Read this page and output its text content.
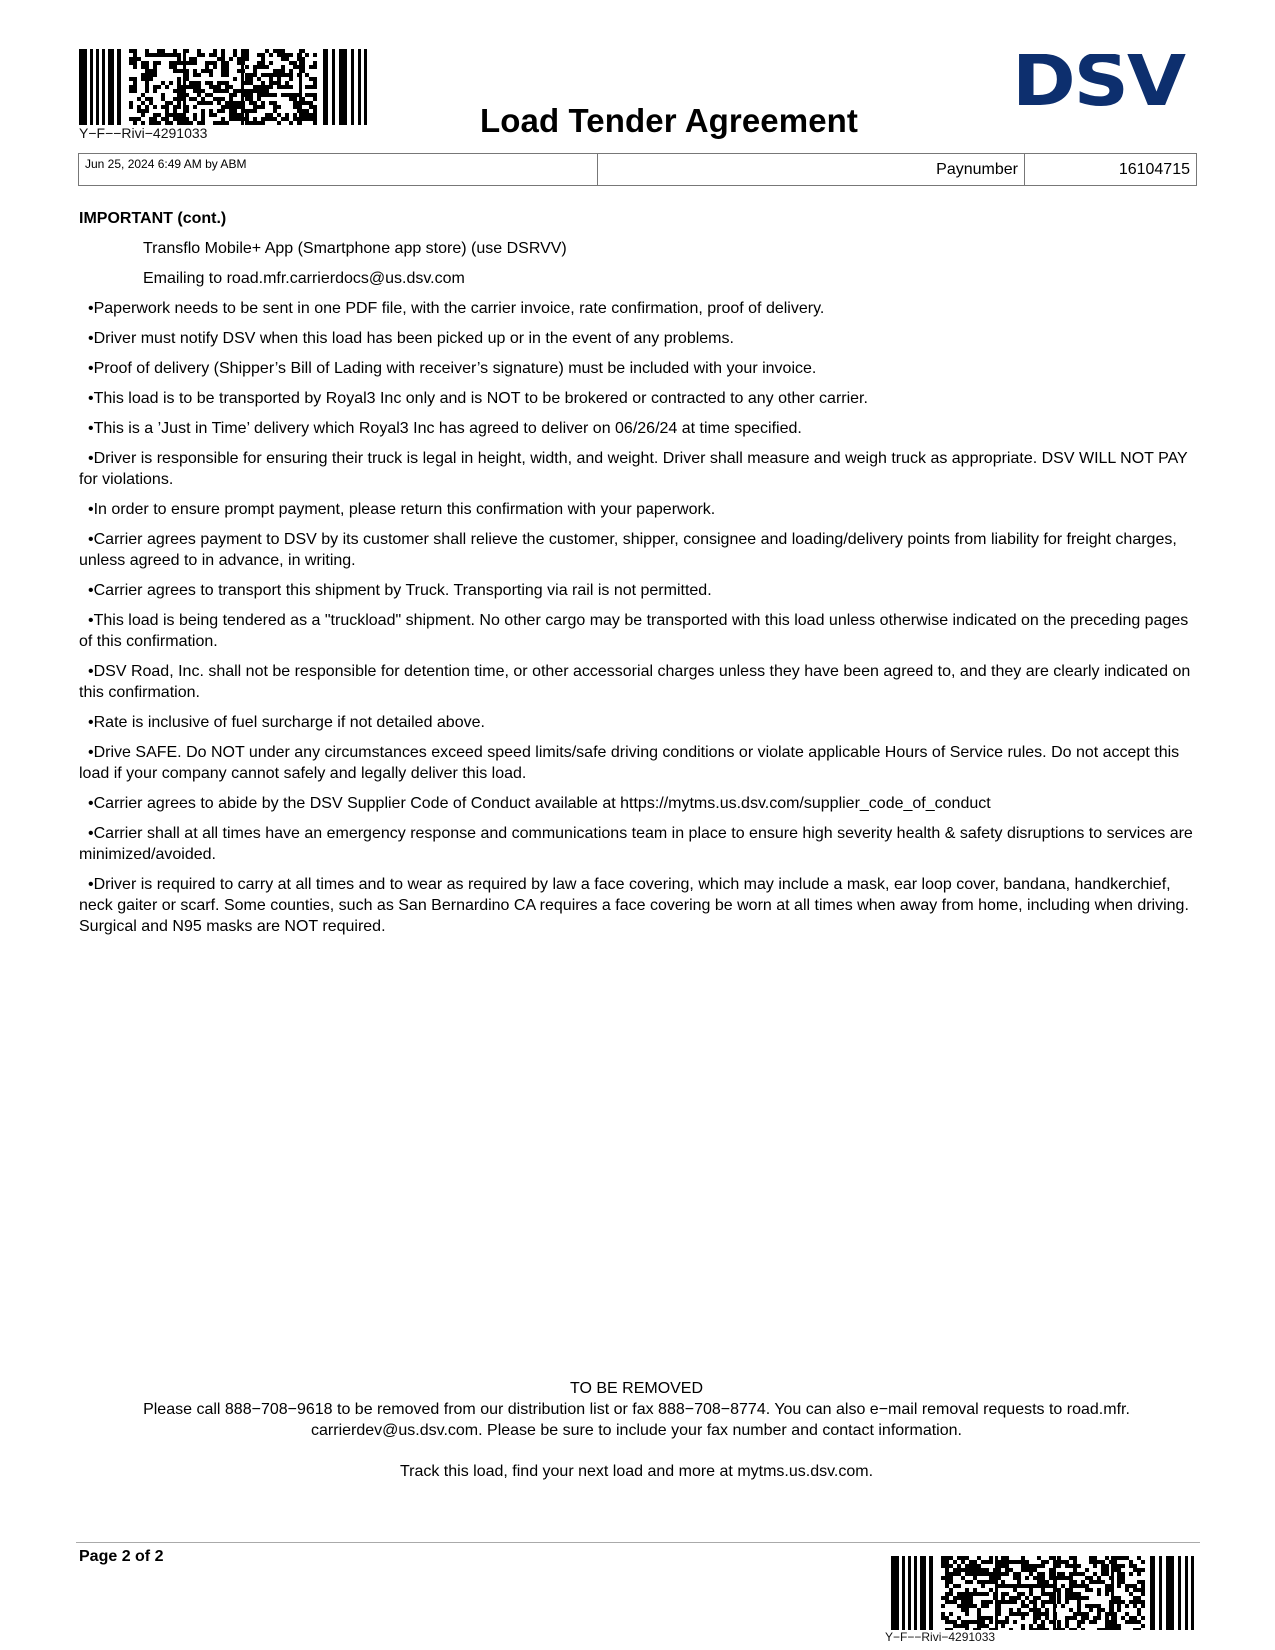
Y−F−−Rivi−4291033	Load Tender Agreement DSV
Jun 25, 2024 6:49 AM by ABM	Paynumber	16104715

IMPORTANT (cont.)

Transflo Mobile+ App (Smartphone app store) (use DSRVV)

Emailing to road.mfr.carrierdocs@us.dsv.com

•Paperwork needs to be sent in one PDF file, with the carrier invoice, rate confirmation, proof of delivery.

•Driver must notify DSV when this load has been picked up or in the event of any problems.

•Proof of delivery (Shipper’s Bill of Lading with receiver’s signature) must be included with your invoice.

•This load is to be transported by Royal3 Inc only and is NOT to be brokered or contracted to any other carrier.

•This is a ’Just in Time’ delivery which Royal3 Inc has agreed to deliver on 06/26/24 at time specified.

•Driver is responsible for ensuring their truck is legal in height, width, and weight. Driver shall measure and weigh truck as appropriate. DSV WILL NOT PAY for violations.

•In order to ensure prompt payment, please return this confirmation with your paperwork.

•Carrier agrees payment to DSV by its customer shall relieve the customer, shipper, consignee and loading/delivery points from liability for freight charges, unless agreed to in advance, in writing.

•Carrier agrees to transport this shipment by Truck. Transporting via rail is not permitted.

•This load is being tendered as a "truckload" shipment. No other cargo may be transported with this load unless otherwise indicated on the preceding pages of this confirmation.

•DSV Road, Inc. shall not be responsible for detention time, or other accessorial charges unless they have been agreed to, and they are clearly indicated on this confirmation.

•Rate is inclusive of fuel surcharge if not detailed above.

•Drive SAFE. Do NOT under any circumstances exceed speed limits/safe driving conditions or violate applicable Hours of Service rules. Do not accept this load if your company cannot safely and legally deliver this load.

•Carrier agrees to abide by the DSV Supplier Code of Conduct available at https://mytms.us.dsv.com/supplier_code_of_conduct

•Carrier shall at all times have an emergency response and communications team in place to ensure high severity health & safety disruptions to services are minimized/avoided.

•Driver is required to carry at all times and to wear as required by law a face covering, which may include a mask, ear loop cover, bandana, handkerchief, neck gaiter or scarf. Some counties, such as San Bernardino CA requires a face covering be worn at all times when away from home, including when driving. Surgical and N95 masks are NOT required.

TO BE REMOVED

Please call 888−708−9618 to be removed from our distribution list or fax 888−708−8774. You can also e−mail removal requests to road.mfr.

carrierdev@us.dsv.com. Please be sure to include your fax number and contact information.

Track this load, find your next load and more at mytms.us.dsv.com.

Page 2 of 2
Y−F−−Rivi−4291033
